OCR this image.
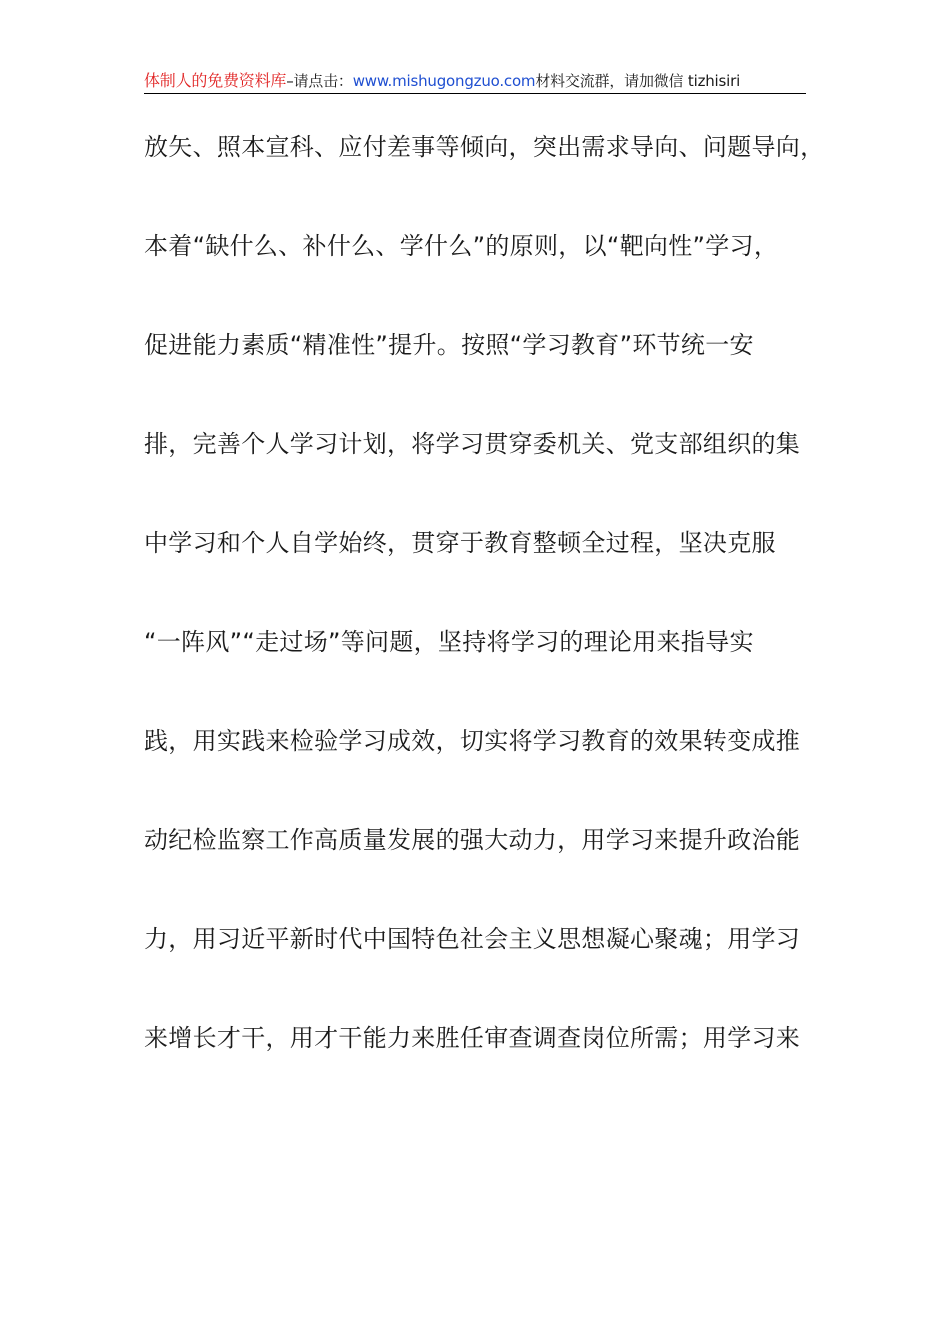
体制人的免费资料库–请点击：www.mishugongzuo.com材料交流群，请加微信 tizhisiri
放矢、照本宣科、应付差事等倾向，突出需求导向、问题导向，
本着“缺什么、补什么、学什么”的原则，以“靶向性”学习，
促进能力素质“精准性”提升。按照“学习教育”环节统一安
排，完善个人学习计划，将学习贯穿委机关、党支部组织的集
中学习和个人自学始终，贯穿于教育整顿全过程，坚决克服
“一阵风”“走过场”等问题，坚持将学习的理论用来指导实
践，用实践来检验学习成效，切实将学习教育的效果转变成推
动纪检监察工作高质量发展的强大动力，用学习来提升政治能
力，用习近平新时代中国特色社会主义思想凝心聚魂；用学习
来增长才干，用才干能力来胜任审查调查岗位所需；用学习来
